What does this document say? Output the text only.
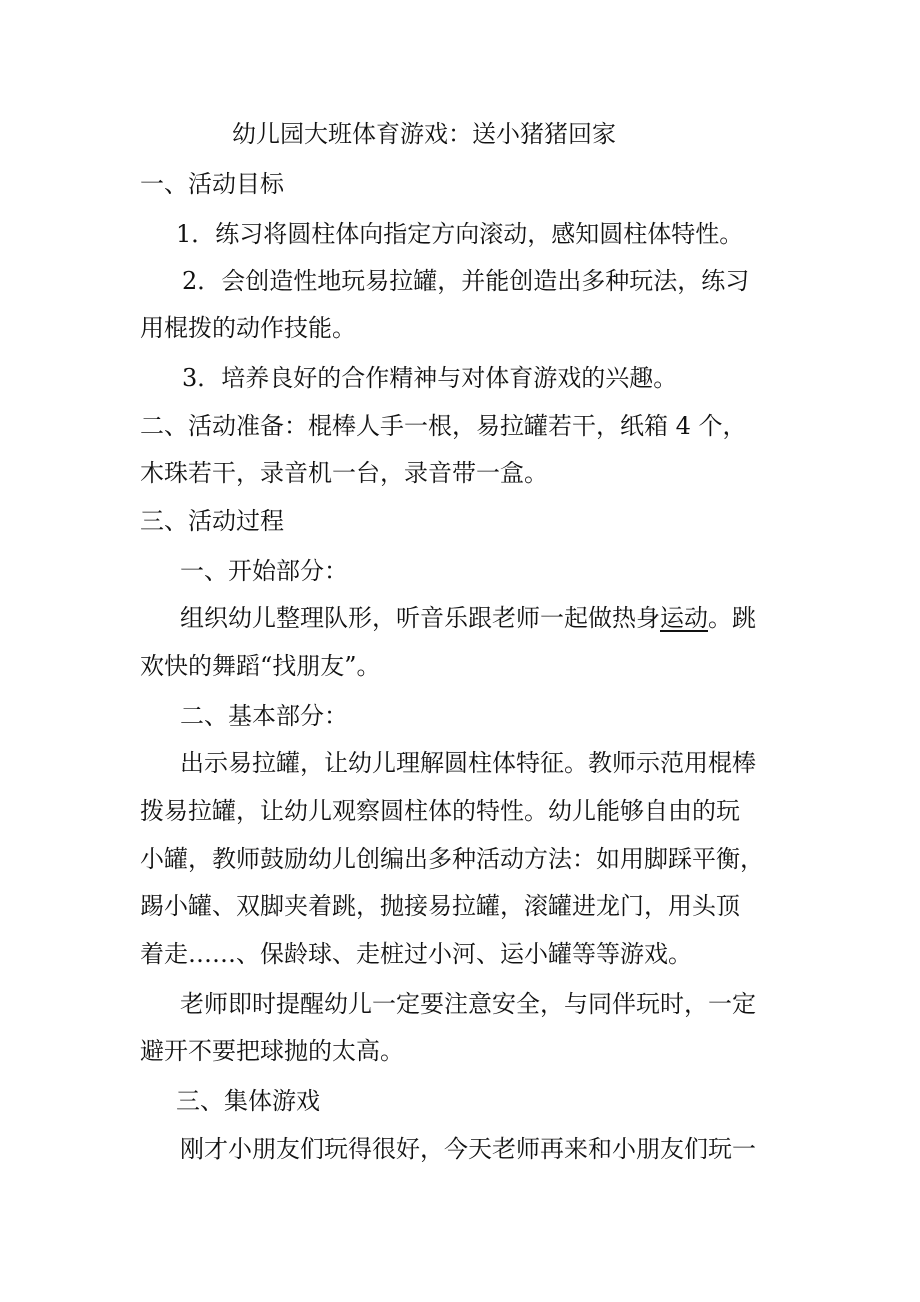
幼儿园大班体育游戏：送小猪猪回家

一、活动目标

1．练习将圆柱体向指定方向滚动，感知圆柱体特性。

2．会创造性地玩易拉罐，并能创造出多种玩法，练习

用棍拨的动作技能。

3．培养良好的合作精神与对体育游戏的兴趣。

二、活动准备：棍棒人手一根，易拉罐若干，纸箱 4 个，

木珠若干，录音机一台，录音带一盒。

三、活动过程

一、开始部分：

组织幼儿整理队形，听音乐跟老师一起做热身运动。跳

欢快的舞蹈“找朋友”。

二、基本部分：

出示易拉罐，让幼儿理解圆柱体特征。教师示范用棍棒

拨易拉罐，让幼儿观察圆柱体的特性。幼儿能够自由的玩

小罐，教师鼓励幼儿创编出多种活动方法：如用脚踩平衡，

踢小罐、双脚夹着跳，抛接易拉罐，滚罐进龙门，用头顶

着走……、保龄球、走桩过小河、运小罐等等游戏。

老师即时提醒幼儿一定要注意安全，与同伴玩时，一定

避开不要把球抛的太高。

三、集体游戏

刚才小朋友们玩得很好，今天老师再来和小朋友们玩一
